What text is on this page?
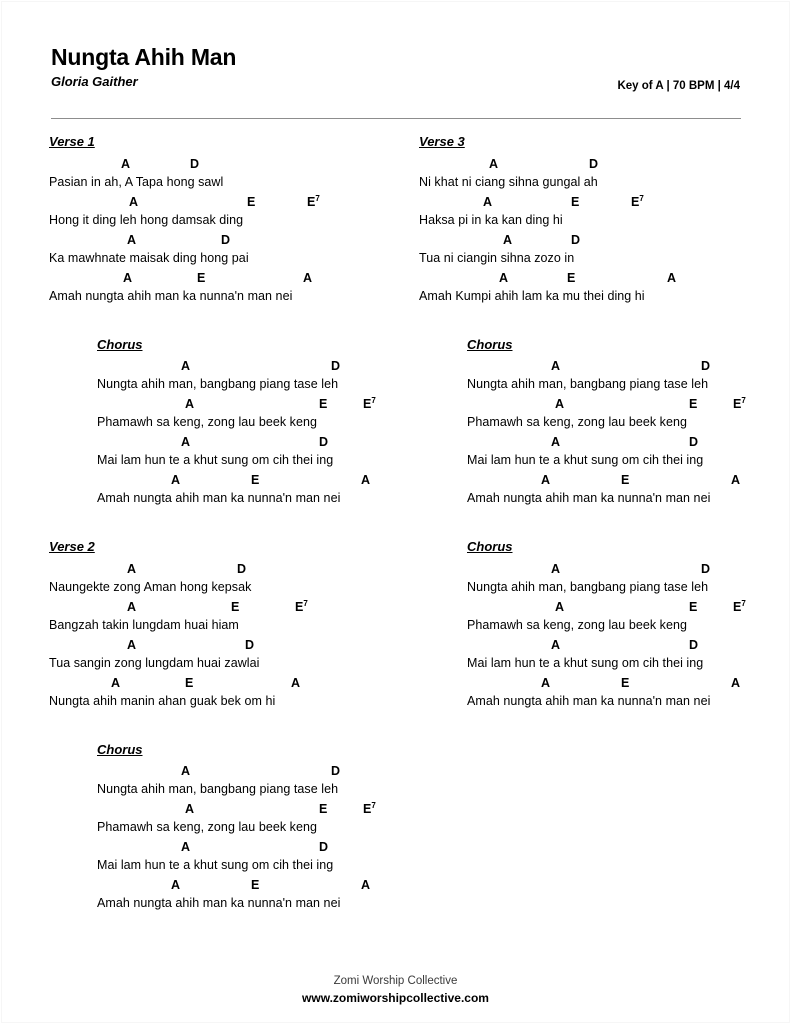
Nungta Ahih Man
Gloria Gaither	Key of A | 70 BPM | 4/4
Verse 1

A	D
Pasian in ah, A Tapa hong sawl

A	E	$E^7$
Hong it ding leh hong damsak ding

A	D
Ka mawhnate maisak ding hong pai

A	E	A
Amah nungta ahih man ka nunna'n man nei
Chorus

A	D
Nungta ahih man, bangbang piang tase leh

A	E	$E^7$
Phamawh sa keng, zong lau beek keng

A	D
Mai lam hun te a khut sung om cih thei ing

A	E	A
Amah nungta ahih man ka nunna'n man nei
Verse 2

A	D
Naungekte zong Aman hong kepsak

A	E	$E^7$
Bangzah takin lungdam huai hiam

A	D
Tua sangin zong lungdam huai zawlai

A	E	A
Nungta ahih manin ahan guak bek om hi
Chorus

A	D
Nungta ahih man, bangbang piang tase leh

A	E	$E^7$
Phamawh sa keng, zong lau beek keng

A	D
Mai lam hun te a khut sung om cih thei ing

A	E	A
Amah nungta ahih man ka nunna'n man nei
Verse 3

A	D
Ni khat ni ciang sihna gungal ah

A	E	$E^7$
Haksa pi in ka kan ding hi

A	D
Tua ni ciangin sihna zozo in

A	E	A
Amah Kumpi ahih lam ka mu thei ding hi
Chorus

A	D
Nungta ahih man, bangbang piang tase leh

A	E	$E^7$
Phamawh sa keng, zong lau beek keng

A	D
Mai lam hun te a khut sung om cih thei ing

A	E	A
Amah nungta ahih man ka nunna'n man nei
Chorus

A	D
Nungta ahih man, bangbang piang tase leh

A	E	$E^7$
Phamawh sa keng, zong lau beek keng

A	D
Mai lam hun te a khut sung om cih thei ing

A	E	A
Amah nungta ahih man ka nunna'n man nei
Zomi Worship Collective
www.zomiworshipcollective.com
